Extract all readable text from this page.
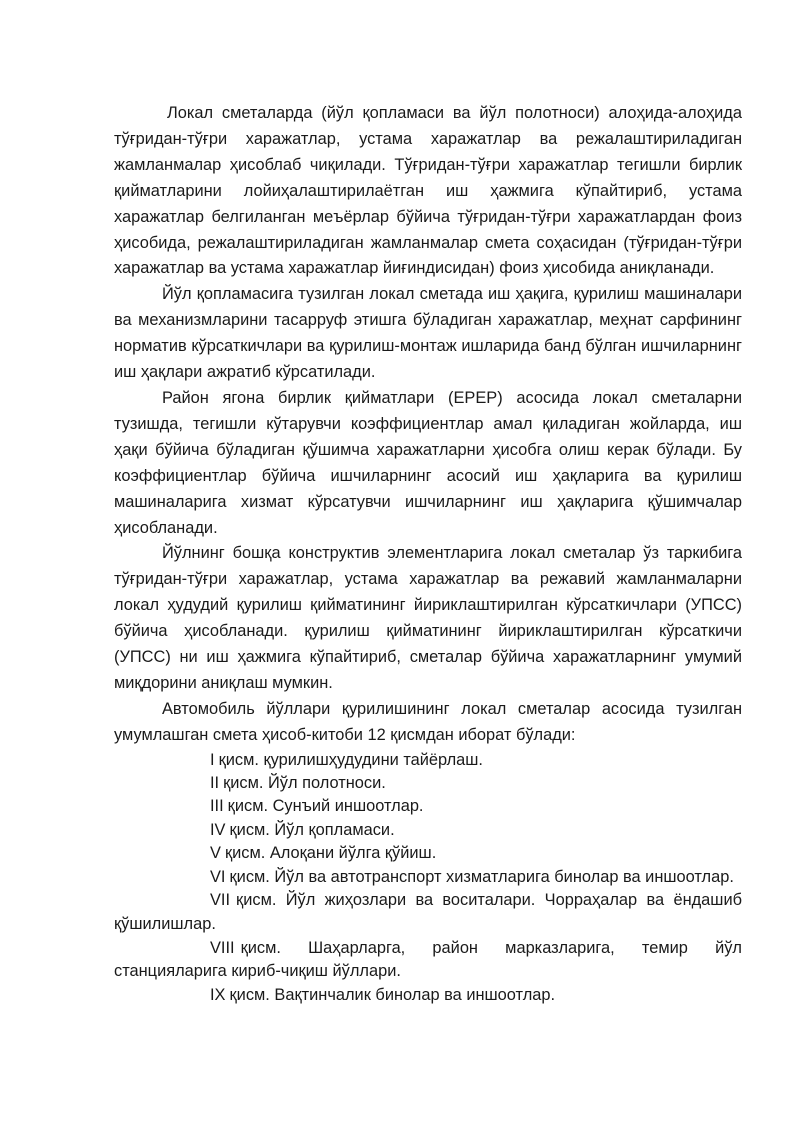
Локал сметаларда (йўл қопламаси ва йўл полотноси) алоҳида-алоҳида тўғридан-тўғри харажатлар, устама харажатлар ва режалаштириладиган жамланмалар ҳисоблаб чиқилади. Тўғридан-тўғри харажатлар тегишли бирлик қийматларини лойиҳалаштирилаётган иш ҳажмига кўпайтириб, устама харажатлар белгиланган меъёрлар бўйича тўғридан-тўғри харажатлардан фоиз ҳисобида, режалаштириладиган жамланмалар смета соҳасидан (тўғридан-тўғри харажатлар ва устама харажатлар йиғиндисидан) фоиз ҳисобида аниқланади.

Йўл қопламасига тузилган локал сметада иш ҳақига, қурилиш машиналари ва механизмларини тасарруф этишга бўладиган харажатлар, меҳнат сарфининг норматив кўрсаткичлари ва қурилиш-монтаж ишларида банд бўлган ишчиларнинг иш ҳақлари ажратиб кўрсатилади.

Район ягона бирлик қийматлари (ЕРЕР) асосида локал сметаларни тузишда, тегишли кўтарувчи коэффициентлар амал қиладиган жойларда, иш ҳақи бўйича бўладиган қўшимча харажатларни ҳисобга олиш керак бўлади. Бу коэффициентлар бўйича ишчиларнинг асосий иш ҳақларига ва қурилиш машиналарига хизмат кўрсатувчи ишчиларнинг иш ҳақларига қўшимчалар ҳисобланади.

Йўлнинг бошқа конструктив элементларига локал сметалар ўз таркибига тўғридан-тўғри харажатлар, устама харажатлар ва режавий жамланмаларни локал ҳудудий қурилиш қийматининг йириклаштирилган кўрсаткичлари (УПСС) бўйича ҳисобланади. қурилиш қийматининг йириклаштирилган кўрсаткичи (УПСС) ни иш ҳажмига кўпайтириб, сметалар бўйича харажатларнинг умумий миқдорини аниқлаш мумкин.

Автомобиль йўллари қурилишининг локал сметалар асосида тузилган умумлашган смета ҳисоб-китоби 12 қисмдан иборат бўлади:

I қисм. қурилишҳудудини тайёрлаш.
II қисм. Йўл полотноси.
III қисм. Сунъий иншоотлар.
IV қисм. Йўл қопламаси.
V қисм. Алоқани йўлга қўйиш.
VI қисм. Йўл ва автотранспорт хизматларига бинолар ва иншоотлар.
VII қисм. Йўл жиҳозлари ва воситалари. Чорраҳалар ва ёндашиб қўшилишлар.
VIII қисм. Шаҳарларга, район марказларига, темир йўл станцияларига кириб-чиқиш йўллари.
IX қисм. Вақтинчалик бинолар ва иншоотлар.
